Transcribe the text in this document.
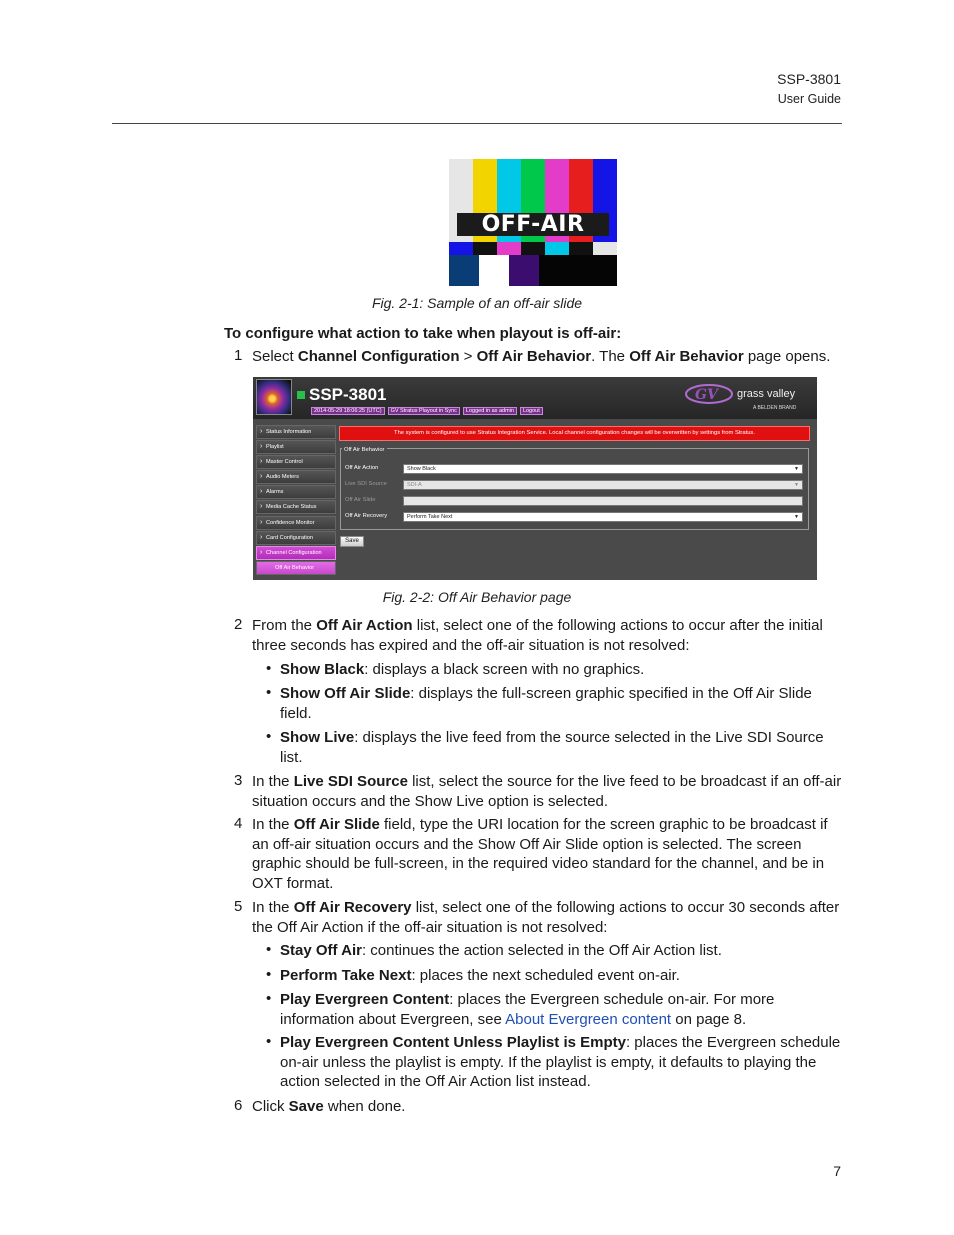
SSP-3801
User Guide
OFF-AIR
Fig. 2-1: Sample of an off-air slide
To configure what action to take when playout is off-air:
1 Select Channel Configuration > Off Air Behavior. The Off Air Behavior page opens.
SSP-3801
2014-05-29 18:06:25 (UTC)	GV Stratus Playout in Sync	Logged in as admin	Logout
GV grass valley
A BELDEN BRAND
› Status Information
› Playlist
› Master Control
› Audio Meters
› Alarms
› Media Cache Status
› Confidence Monitor
› Card Configuration
› Channel Configuration
Off Air Behavior
The system is configured to use Stratus Integration Service. Local channel configuration changes will be overwritten by settings from Stratus.
Off Air Behavior
Off Air Action	Show Black	▼
Live SDI Source	SDI-A	▼
Off Air Slide
Off Air Recovery	Perform Take Next	▼
Save
Fig. 2-2: Off Air Behavior page
2 From the Off Air Action list, select one of the following actions to occur after the initial
three seconds has expired and the off-air situation is not resolved:
• Show Black: displays a black screen with no graphics.
• Show Off Air Slide: displays the full-screen graphic specified in the Off Air Slide
field.
• Show Live: displays the live feed from the source selected in the Live SDI Source
list.
3 In the Live SDI Source list, select the source for the live feed to be broadcast if an off-air
situation occurs and the Show Live option is selected.
4 In the Off Air Slide field, type the URI location for the screen graphic to be broadcast if
an off-air situation occurs and the Show Off Air Slide option is selected. The screen
graphic should be full-screen, in the required video standard for the channel, and be in
OXT format.
5 In the Off Air Recovery list, select one of the following actions to occur 30 seconds after
the Off Air Action if the off-air situation is not resolved:
• Stay Off Air: continues the action selected in the Off Air Action list.
• Perform Take Next: places the next scheduled event on-air.
• Play Evergreen Content: places the Evergreen schedule on-air. For more
information about Evergreen, see About Evergreen content on page 8.
• Play Evergreen Content Unless Playlist is Empty: places the Evergreen schedule
on-air unless the playlist is empty. If the playlist is empty, it defaults to playing the
action selected in the Off Air Action list instead.
6 Click Save when done.
7
